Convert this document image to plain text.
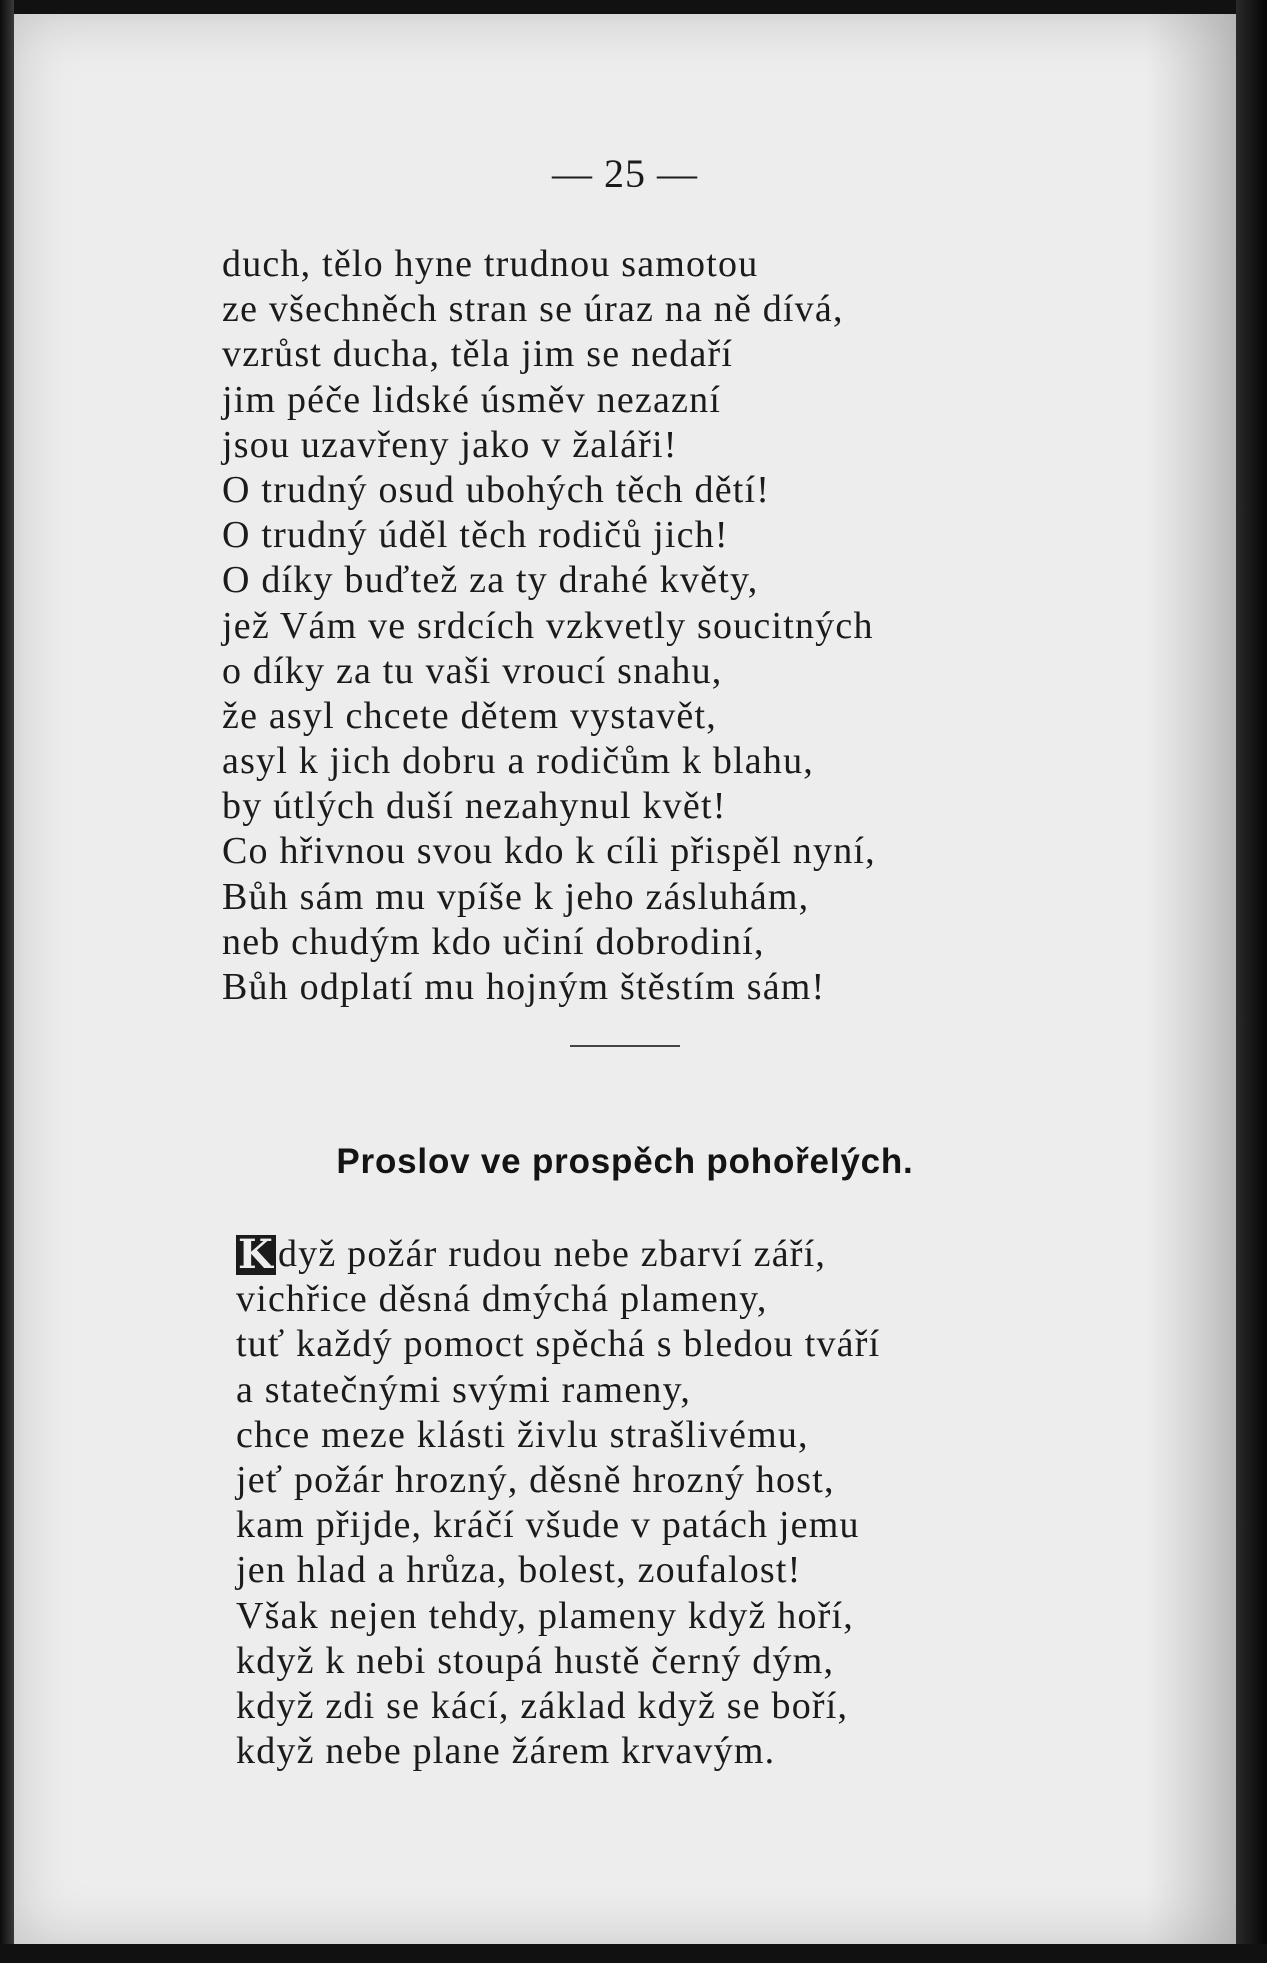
— 25 —
duch, tělo hyne trudnou samotou
ze všechněch stran se úraz na ně dívá,
vzrůst ducha, těla jim se nedaří
jim péče lidské úsměv nezazní
jsou uzavřeny jako v žaláři!
O trudný osud ubohých těch dětí!
O trudný úděl těch rodičů jich!
O díky buďtež za ty drahé květy,
jež Vám ve srdcích vzkvetly soucitných
o díky za tu vaši vroucí snahu,
že asyl chcete dětem vystavět,
asyl k jich dobru a rodičům k blahu,
by útlých duší nezahynul květ!
Co hřivnou svou kdo k cíli přispěl nyní,
Bůh sám mu vpíše k jeho zásluhám,
neb chudým kdo učiní dobrodiní,
Bůh odplatí mu hojným štěstím sám!
Proslov ve prospěch pohořelých.
K dyž požár rudou nebe zbarví září,
vichřice děsná dmýchá plameny,
tuť každý pomoct spěchá s bledou tváří
a statečnými svými rameny,
chce meze klásti živlu strašlivému,
jeť požár hrozný, děsně hrozný host,
kam přijde, kráčí všude v patách jemu
jen hlad a hrůza, bolest, zoufalost!
Však nejen tehdy, plameny když hoří,
když k nebi stoupá hustě černý dým,
když zdi se kácí, základ když se boří,
když nebe plane žárem krvavým.
